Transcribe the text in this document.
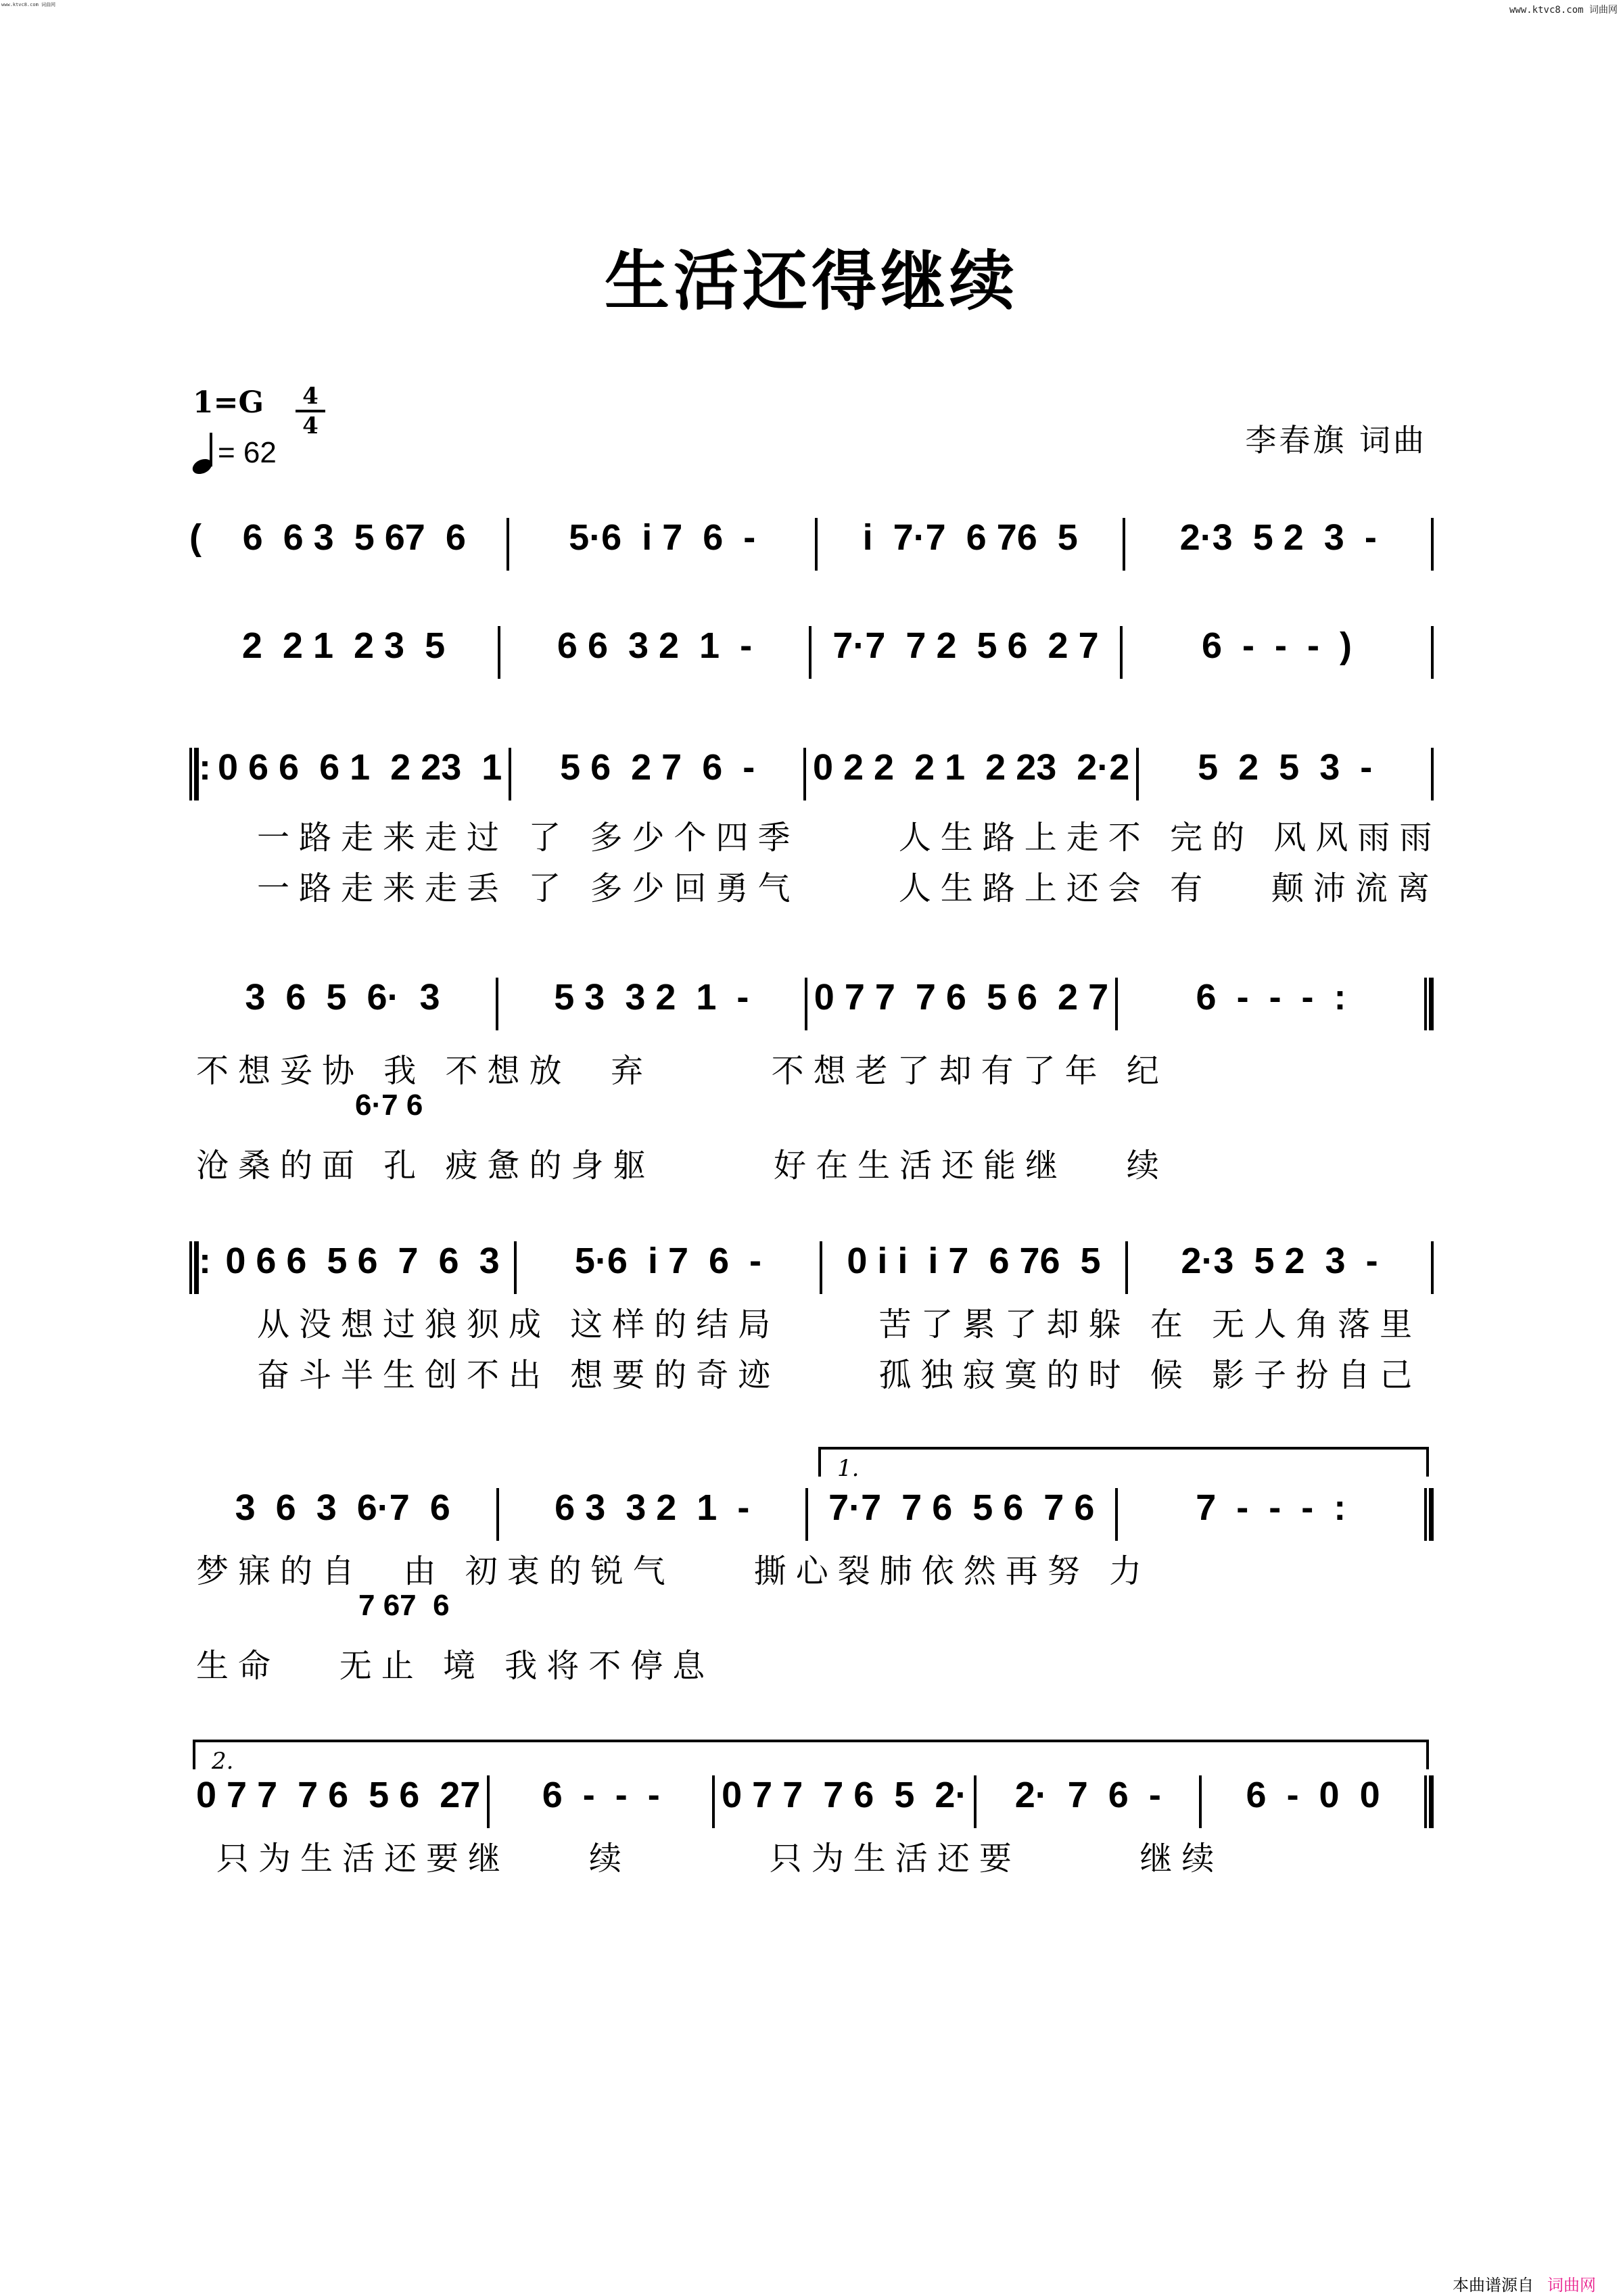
www.ktvc8.com 词曲网	www.ktvc8.com 词曲网
生活还得继续
1=G 4
4
= 62	李春旗 词曲
( 6  6 3  5 67  6	5·6  i 7  6  -	i  7·7  6 76  5	2·3  5 2  3  -
2  2 1  2 3  5	6 6  3 2  1  - 7·7  7 2  5 6  2 7	6  -  -  -  )
: 0 6 6  6 1  2 23  1 5 6  2 7  6  - 0 2 2  2 1  2 23  2·2 5  2  5  3  -
一路走来走过 了 多少个四季     人生路上走不 完的 风风雨雨
一路走来走丢 了 多少回勇气     人生路上还会 有   颠沛流离
3  6  5  6·  3	5 3  3 2  1  - 0 7 7  7 6  5 6  2 7 6  -  -  -  :
不想妥协 我 不想放  弃      不想老了却有了年 纪
6·7 6
沧桑的面 孔 疲惫的身躯      好在生活还能继   续
: 0 6 6  5 6  7  6  3 5·6  i 7  6  - 0 i i  i 7  6 76  5 2·3  5 2  3  -
从没想过狼狈成 这样的结局     苦了累了却躲 在 无人角落里
奋斗半生创不出 想要的奇迹     孤独寂寞的时 候 影子扮自己
1.
3  6  3  6·7  6	6 3  3 2  1  - 7·7  7 6  5 6  7 6	7  -  -  -  :
梦寐的自  由 初衷的锐气    撕心裂肺依然再努 力
7 67  6
生命   无止 境 我将不停息
2.
0 7 7  7 6  5 6  27 6  -  -  - 0 7 7  7 6  5  2· 2·  7  6  - 6  -  0  0
只为生活还要继    续       只为生活还要      继续
本曲谱源自 词曲网
